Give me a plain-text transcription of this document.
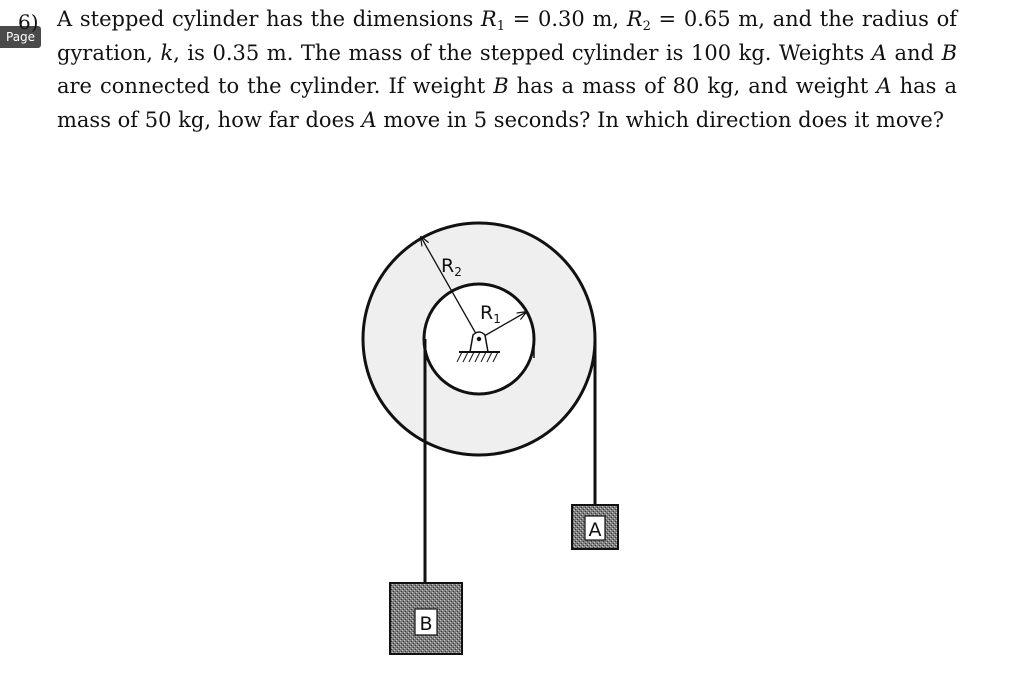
Page
6) A stepped cylinder has the dimensions $R_1 = 0.30$ m, $R_2 = 0.65$ m, and the radius of gyration, k, is 0.35 m. The mass of the stepped cylinder is 100 kg. Weights A and B are connected to the cylinder. If weight B has a mass of 80 kg, and weight A has a mass of 50 kg, how far does A move in 5 seconds? In which direction does it move?
$R_2$
$R_1$
A
B
